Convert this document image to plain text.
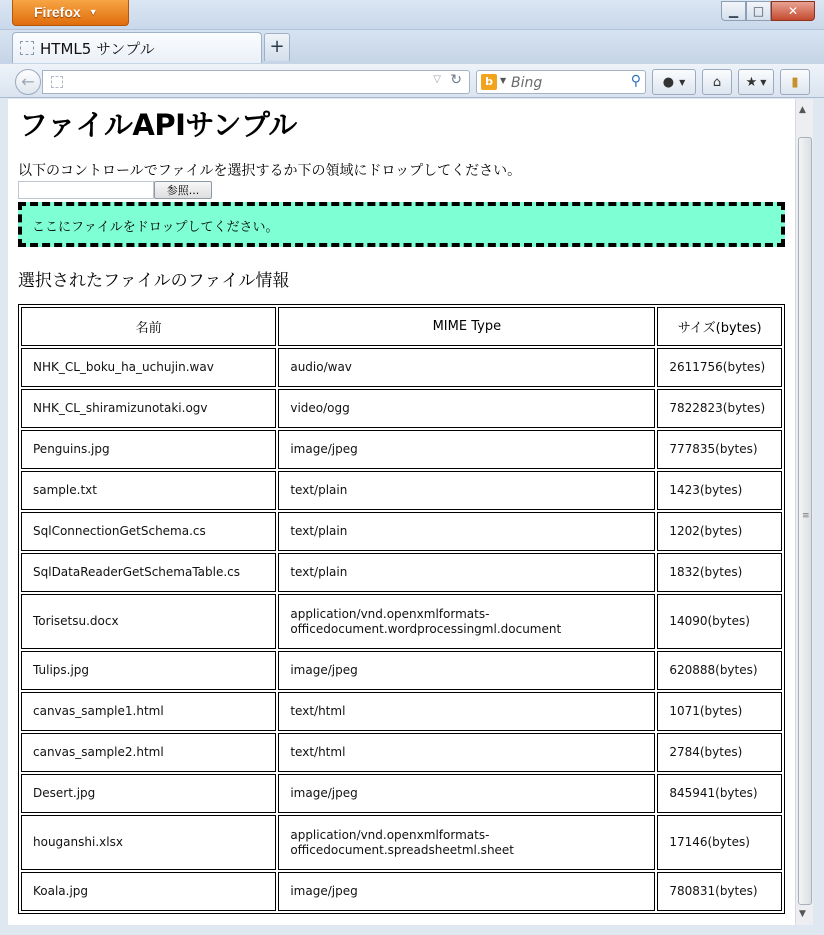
Firefox ▼	▁	□	✕
HTML5 サンプル	+
←	▽ ↻	b ▼
Bing	⚲ ● ▼ ⌂ ★ ▼ ▮
ファイルAPIサンプル
以下のコントロールでファイルを選択するか下の領域にドロップしてください。
参照...
ここにファイルをドロップしてください。
選択されたファイルのファイル情報
名前	MIME Type	サイズ(bytes)
NHK_CL_boku_ha_uchujin.wav	audio/wav	2611756(bytes)
NHK_CL_shiramizunotaki.ogv	video/ogg	7822823(bytes)
Penguins.jpg	image/jpeg	777835(bytes)
sample.txt	text/plain	1423(bytes)
SqlConnectionGetSchema.cs	text/plain	1202(bytes)
SqlDataReaderGetSchemaTable.cs	text/plain	1832(bytes)
Torisetsu.docx	application/vnd.openxmlformats-officedocument.wordprocessingml.document	14090(bytes)
Tulips.jpg	image/jpeg	620888(bytes)
canvas_sample1.html	text/html	1071(bytes)
canvas_sample2.html	text/html	2784(bytes)
Desert.jpg	image/jpeg	845941(bytes)
houganshi.xlsx	application/vnd.openxmlformats-officedocument.spreadsheetml.sheet	17146(bytes)
Koala.jpg	image/jpeg	780831(bytes)
▲
≡
▼
